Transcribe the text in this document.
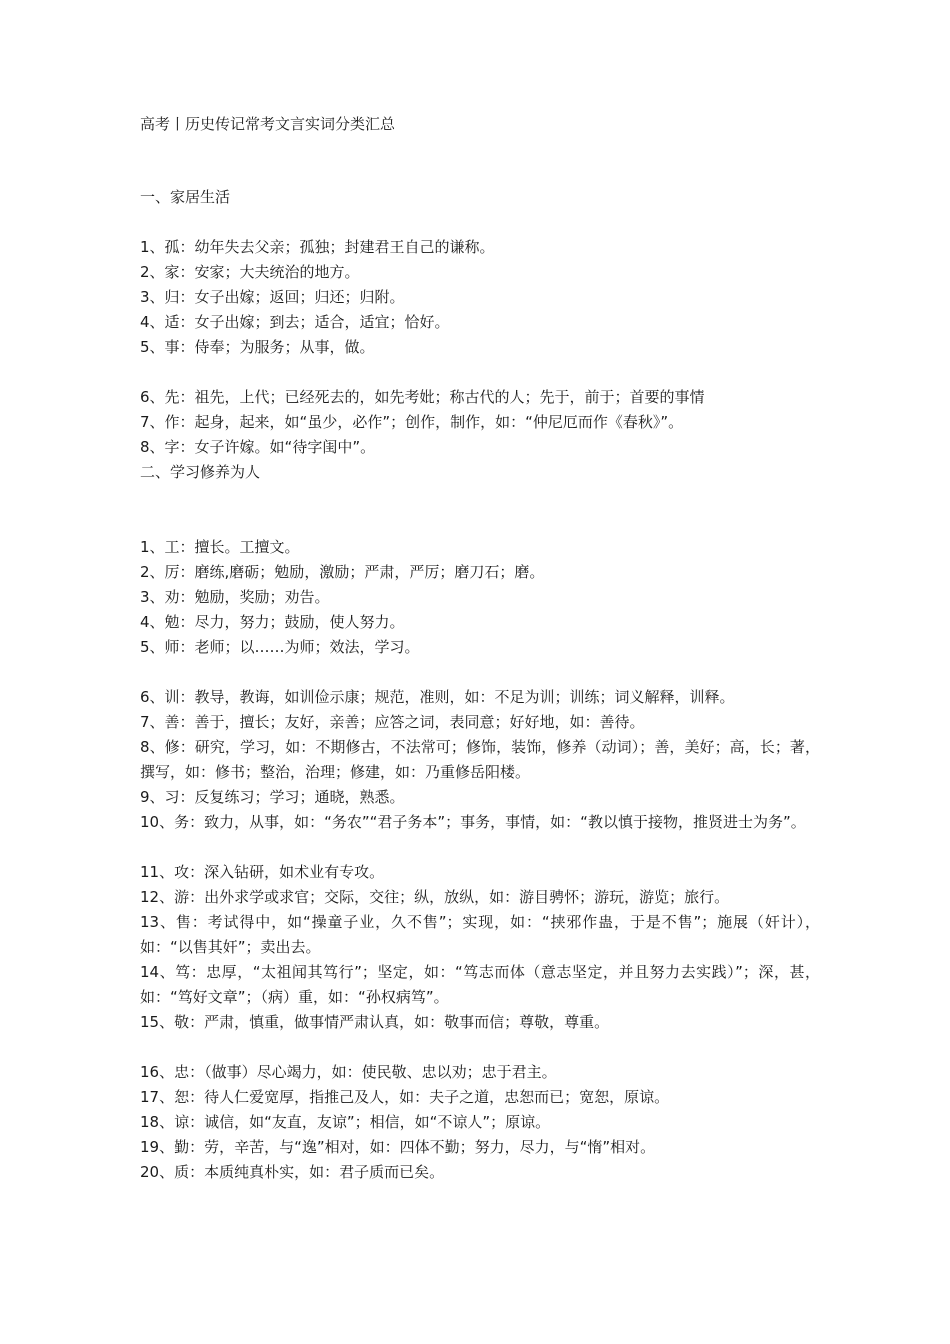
高考丨历史传记常考文言实词分类汇总
一、家居生活
1、孤：幼年失去父亲；孤独；封建君王自己的谦称。
2、家：安家；大夫统治的地方。
3、归：女子出嫁；返回；归还；归附。
4、适：女子出嫁；到去；适合，适宜；恰好。
5、事：侍奉；为服务；从事，做。
6、先：祖先，上代；已经死去的，如先考妣；称古代的人；先于，前于；首要的事情
7、作：起身，起来，如“虽少，必作”；创作，制作，如：“仲尼厄而作《春秋》”。
8、字：女子许嫁。如“待字闺中”。
二、学习修养为人
1、工：擅长。工擅文。
2、厉：磨练,磨砺；勉励，激励；严肃，严厉；磨刀石；磨。
3、劝：勉励，奖励；劝告。
4、勉：尽力，努力；鼓励，使人努力。
5、师：老师；以……为师；效法，学习。
6、训：教导，教诲，如训俭示康；规范，准则，如：不足为训；训练；词义解释，训释。
7、善：善于，擅长；友好，亲善；应答之词，表同意；好好地，如：善待。
8、修：研究，学习，如：不期修古，不法常可；修饰，装饰，修养（动词）；善，美好；高，长；著，撰写，如：修书；整治，治理；修建，如：乃重修岳阳楼。
9、习：反复练习；学习；通晓，熟悉。
10、务：致力，从事，如：“务农”“君子务本”；事务，事情，如：“教以慎于接物，推贤进士为务”。
11、攻：深入钻研，如术业有专攻。
12、游：出外求学或求官；交际，交往；纵，放纵，如：游目骋怀；游玩，游览；旅行。
13、售：考试得中，如“操童子业，久不售”；实现，如：“挟邪作蛊，于是不售”；施展（奸计），如：“以售其奸”；卖出去。
14、笃：忠厚，“太祖闻其笃行”；坚定，如：“笃志而体（意志坚定，并且努力去实践）”；深，甚，如：“笃好文章”；（病）重，如：“孙权病笃”。
15、敬：严肃，慎重，做事情严肃认真，如：敬事而信；尊敬，尊重。
16、忠：（做事）尽心竭力，如：使民敬、忠以劝；忠于君主。
17、恕：待人仁爱宽厚，指推己及人，如：夫子之道，忠恕而已；宽恕，原谅。
18、谅：诚信，如“友直，友谅”；相信，如“不谅人”；原谅。
19、勤：劳，辛苦，与“逸”相对，如：四体不勤；努力，尽力，与“惰”相对。
20、质：本质纯真朴实，如：君子质而已矣。
